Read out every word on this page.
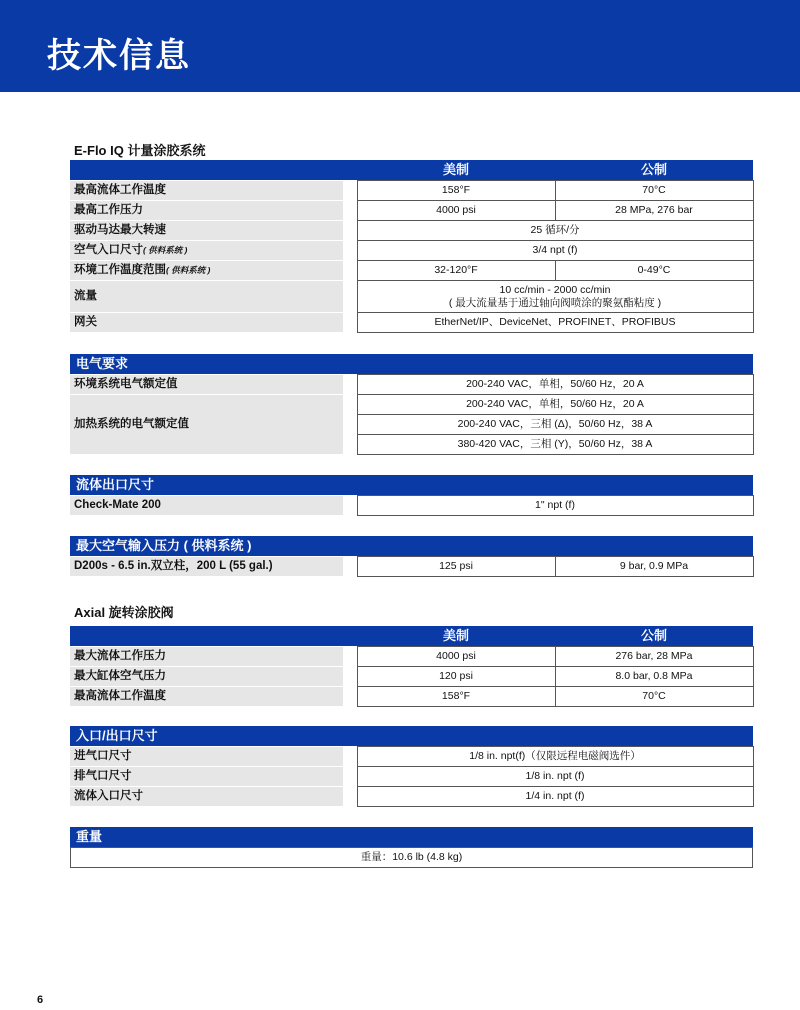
技术信息
E-Flo IQ 计量涂胶系统
美制	公制
最高流体工作温度		158°F	70°C
最高工作压力		4000 psi	28 MPa, 276 bar
驱动马达最大转速		25 循环/分	
空气入口尺寸( 供料系统 )		3/4 npt (f)	
环境工作温度范围( 供料系统 )		32-120°F	0-49°C
流量		10 cc/min - 2000 cc/min
( 最大流量基于通过轴向阀喷涂的聚氨酯粘度 )	

网关		EtherNet/IP、DeviceNet、PROFINET、PROFIBUS	
电气要求
环境系统电气额定值		200-240 VAC，单相，50/60 Hz，20 A
加热系统的电气额定值		200-240 VAC，单相，50/60 Hz，20 A
		200-240 VAC，三相 (Δ)，50/60 Hz，38 A
		380-420 VAC，三相 (Y)，50/60 Hz，38 A
流体出口尺寸
Check-Mate 200		1" npt (f)
最大空气输入压力 ( 供料系统 )
D200s - 6.5 in.双立柱，200 L (55 gal.)		125 psi	9 bar, 0.9 MPa
Axial 旋转涂胶阀
美制	公制
最大流体工作压力		4000 psi	276 bar, 28 MPa
最大缸体空气压力		120 psi	8.0 bar, 0.8 MPa
最高流体工作温度		158°F	70°C
入口/出口尺寸
进气口尺寸		1/8 in. npt(f)（仅限远程电磁阀选件）
排气口尺寸		1/8 in. npt (f)
流体入口尺寸		1/4 in. npt (f)
重量
重量：10.6 lb (4.8 kg)
6
